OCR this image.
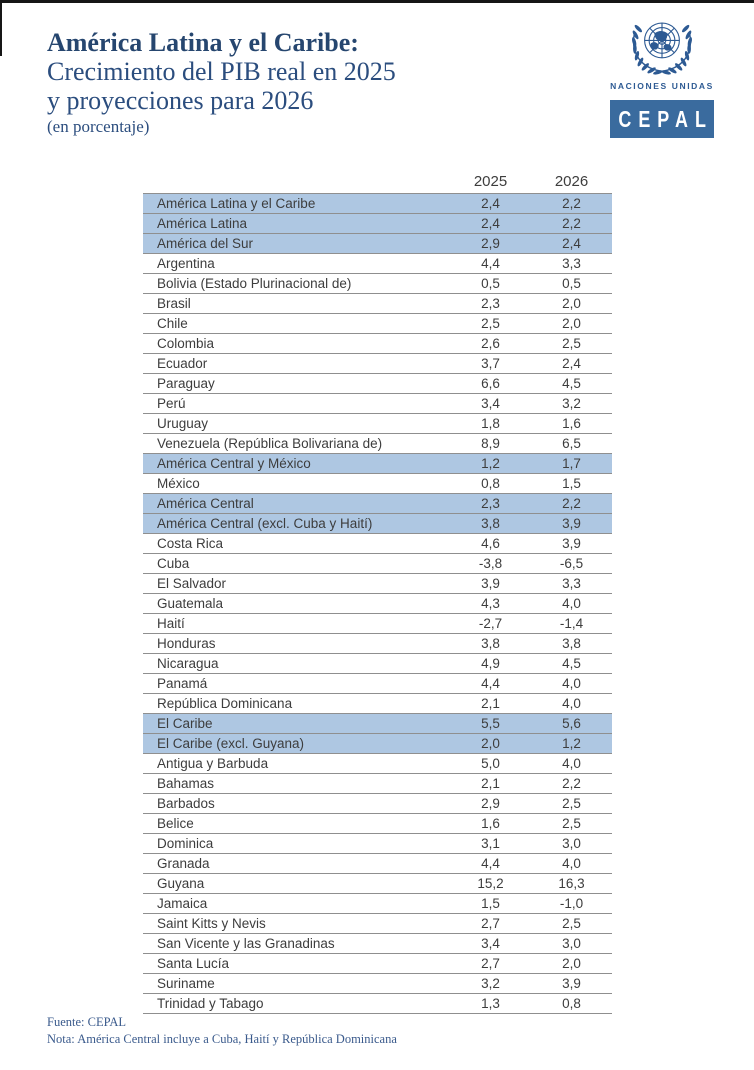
América Latina y el Caribe:
Crecimiento del PIB real en 2025
y proyecciones para 2026
(en porcentaje)
NACIONES UNIDAS
CEPAL
	2025	2026
América Latina y el Caribe	2,4	2,2
América Latina	2,4	2,2
América del Sur	2,9	2,4
Argentina	4,4	3,3
Bolivia (Estado Plurinacional de)	0,5	0,5
Brasil	2,3	2,0
Chile	2,5	2,0
Colombia	2,6	2,5
Ecuador	3,7	2,4
Paraguay	6,6	4,5
Perú	3,4	3,2
Uruguay	1,8	1,6
Venezuela (República Bolivariana de)	8,9	6,5
América Central y México	1,2	1,7
México	0,8	1,5
América Central	2,3	2,2
América Central (excl. Cuba y Haití)	3,8	3,9
Costa Rica	4,6	3,9
Cuba	-3,8	-6,5
El Salvador	3,9	3,3
Guatemala	4,3	4,0
Haití	-2,7	-1,4
Honduras	3,8	3,8
Nicaragua	4,9	4,5
Panamá	4,4	4,0
República Dominicana	2,1	4,0
El Caribe	5,5	5,6
El Caribe (excl. Guyana)	2,0	1,2
Antigua y Barbuda	5,0	4,0
Bahamas	2,1	2,2
Barbados	2,9	2,5
Belice	1,6	2,5
Dominica	3,1	3,0
Granada	4,4	4,0
Guyana	15,2	16,3
Jamaica	1,5	-1,0
Saint Kitts y Nevis	2,7	2,5
San Vicente y las Granadinas	3,4	3,0
Santa Lucía	2,7	2,0
Suriname	3,2	3,9
Trinidad y Tabago	1,3	0,8
Fuente: CEPAL
Nota: América Central incluye a Cuba, Haití y República Dominicana
